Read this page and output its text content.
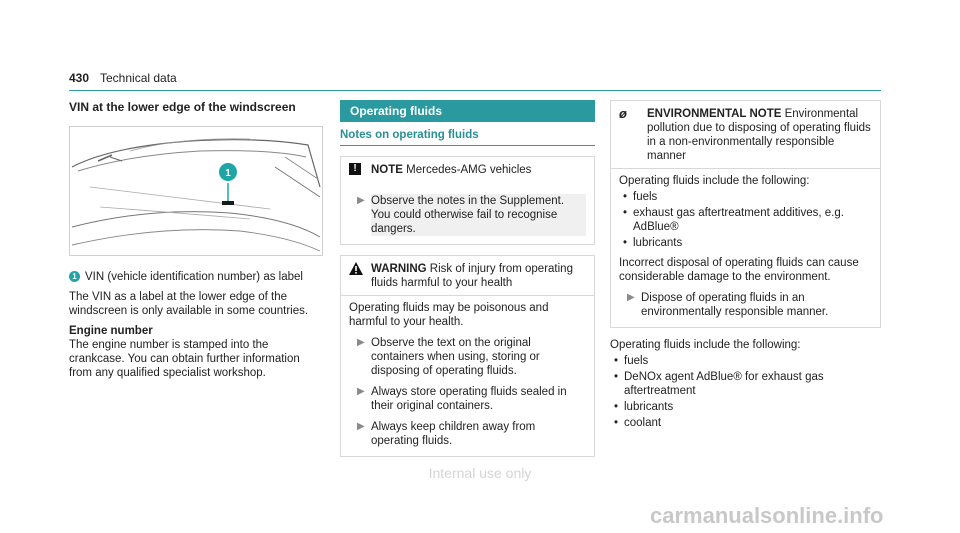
430 Technical data
VIN at the lower edge of the windscreen
1
1 VIN (vehicle identification number) as label

The VIN as a label at the lower edge of the windscreen is only available in some countries.

Engine number

The engine number is stamped into the crankcase. You can obtain further information from any qualified specialist workshop.

Operating fluids
Notes on operating fluids
!	NOTE Mercedes-AMG vehicles
▶ Observe the notes in the Supplement. You could otherwise fail to recognise dangers.
WARNING Risk of injury from operating fluids harmful to your health
Operating fluids may be poisonous and harmful to your health.
▶ Observe the text on the original containers when using, storing or disposing of operating fluids.
▶ Always store operating fluids sealed in their original containers.
▶ Always keep children away from operating fluids.
ø	ENVIRONMENTAL NOTE Environmental pollution due to disposing of operating fluids in a non-environmentally responsible manner
Operating fluids include the following:
• fuels
• exhaust gas aftertreatment additives, e.g. AdBlue®
• lubricants
Incorrect disposal of operating fluids can cause considerable damage to the environment.
▶ Dispose of operating fluids in an environmentally responsible manner.
Operating fluids include the following:
• fuels
• DeNOx agent AdBlue® for exhaust gas aftertreatment
• lubricants
• coolant
Internal use only
carmanualsonline.info
